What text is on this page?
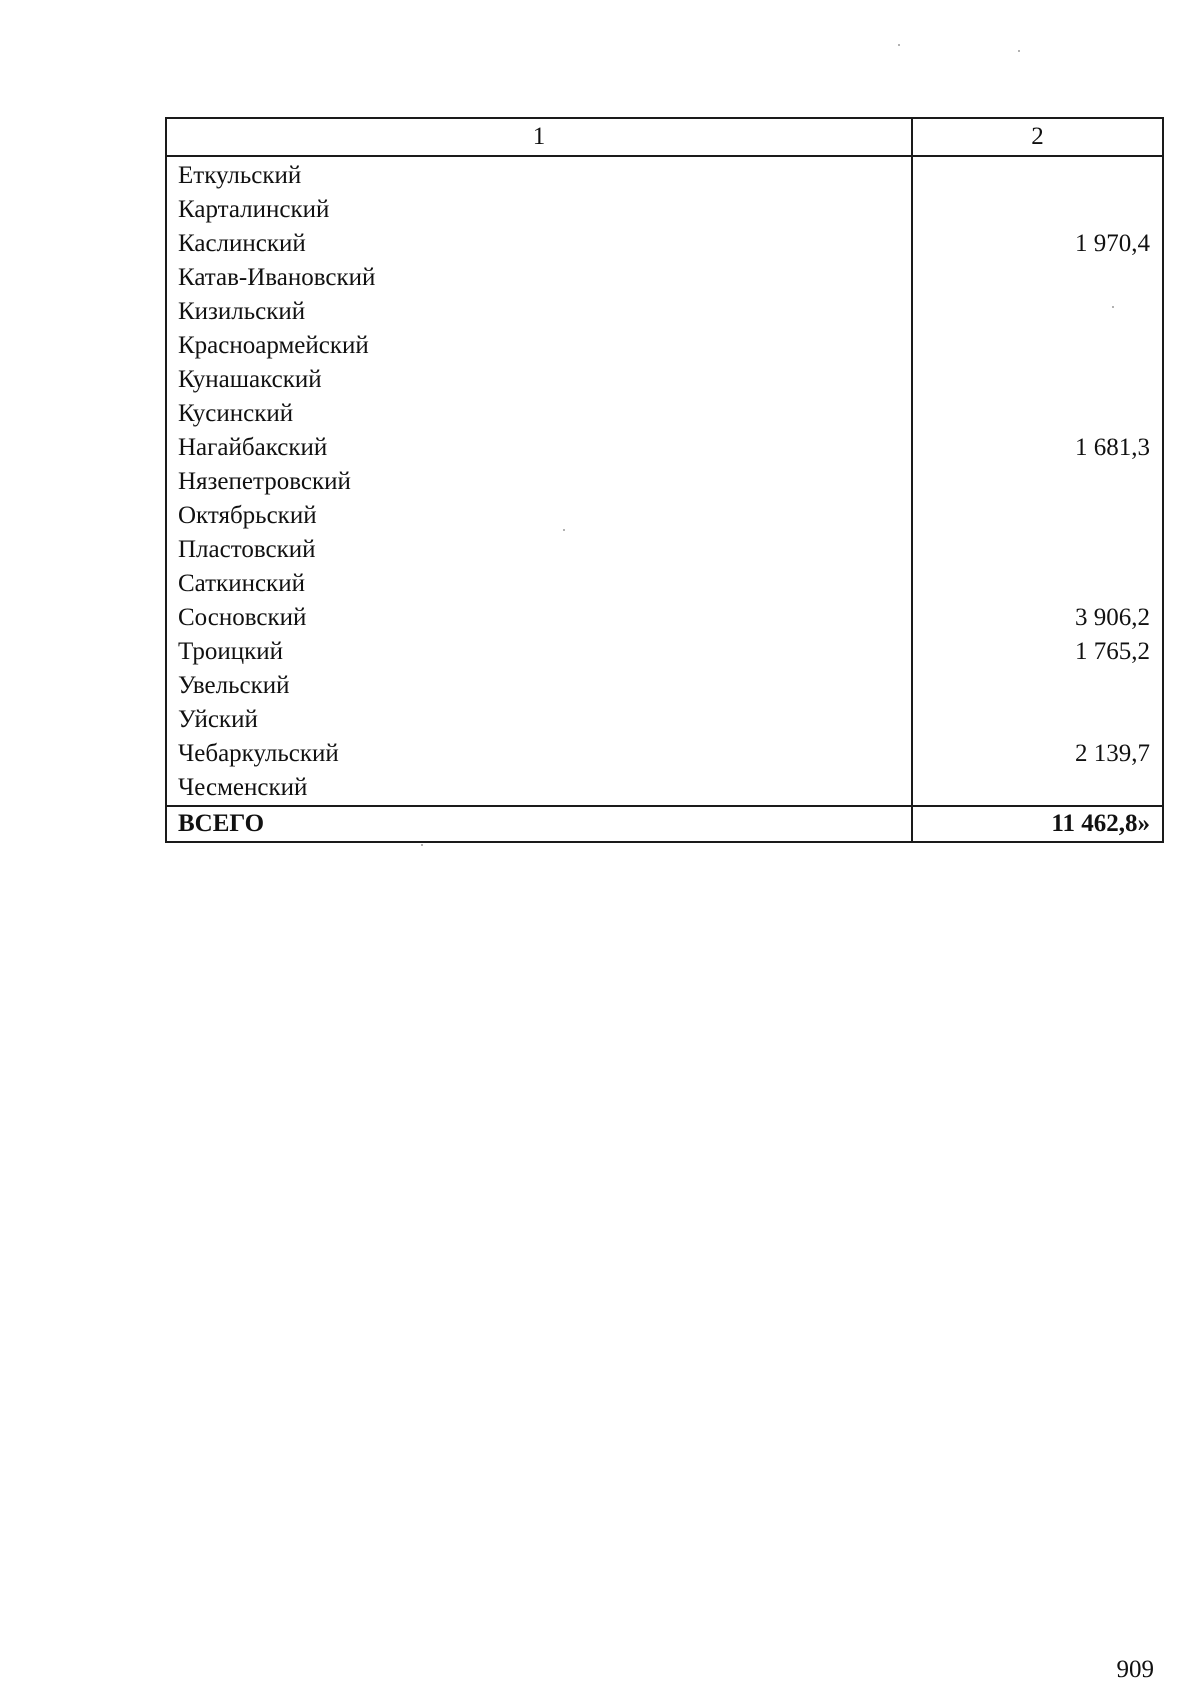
1	2
Еткульский	
Карталинский	
Каслинский	1 970,4
Катав-Ивановский	
Кизильский	
Красноармейский	
Кунашакский	
Кусинский	
Нагайбакский	1 681,3
Нязепетровский	
Октябрьский	
Пластовский	
Саткинский	
Сосновский	3 906,2
Троицкий	1 765,2
Увельский	
Уйский	
Чебаркульский	2 139,7
Чесменский	
ВСЕГО	11 462,8»
909
